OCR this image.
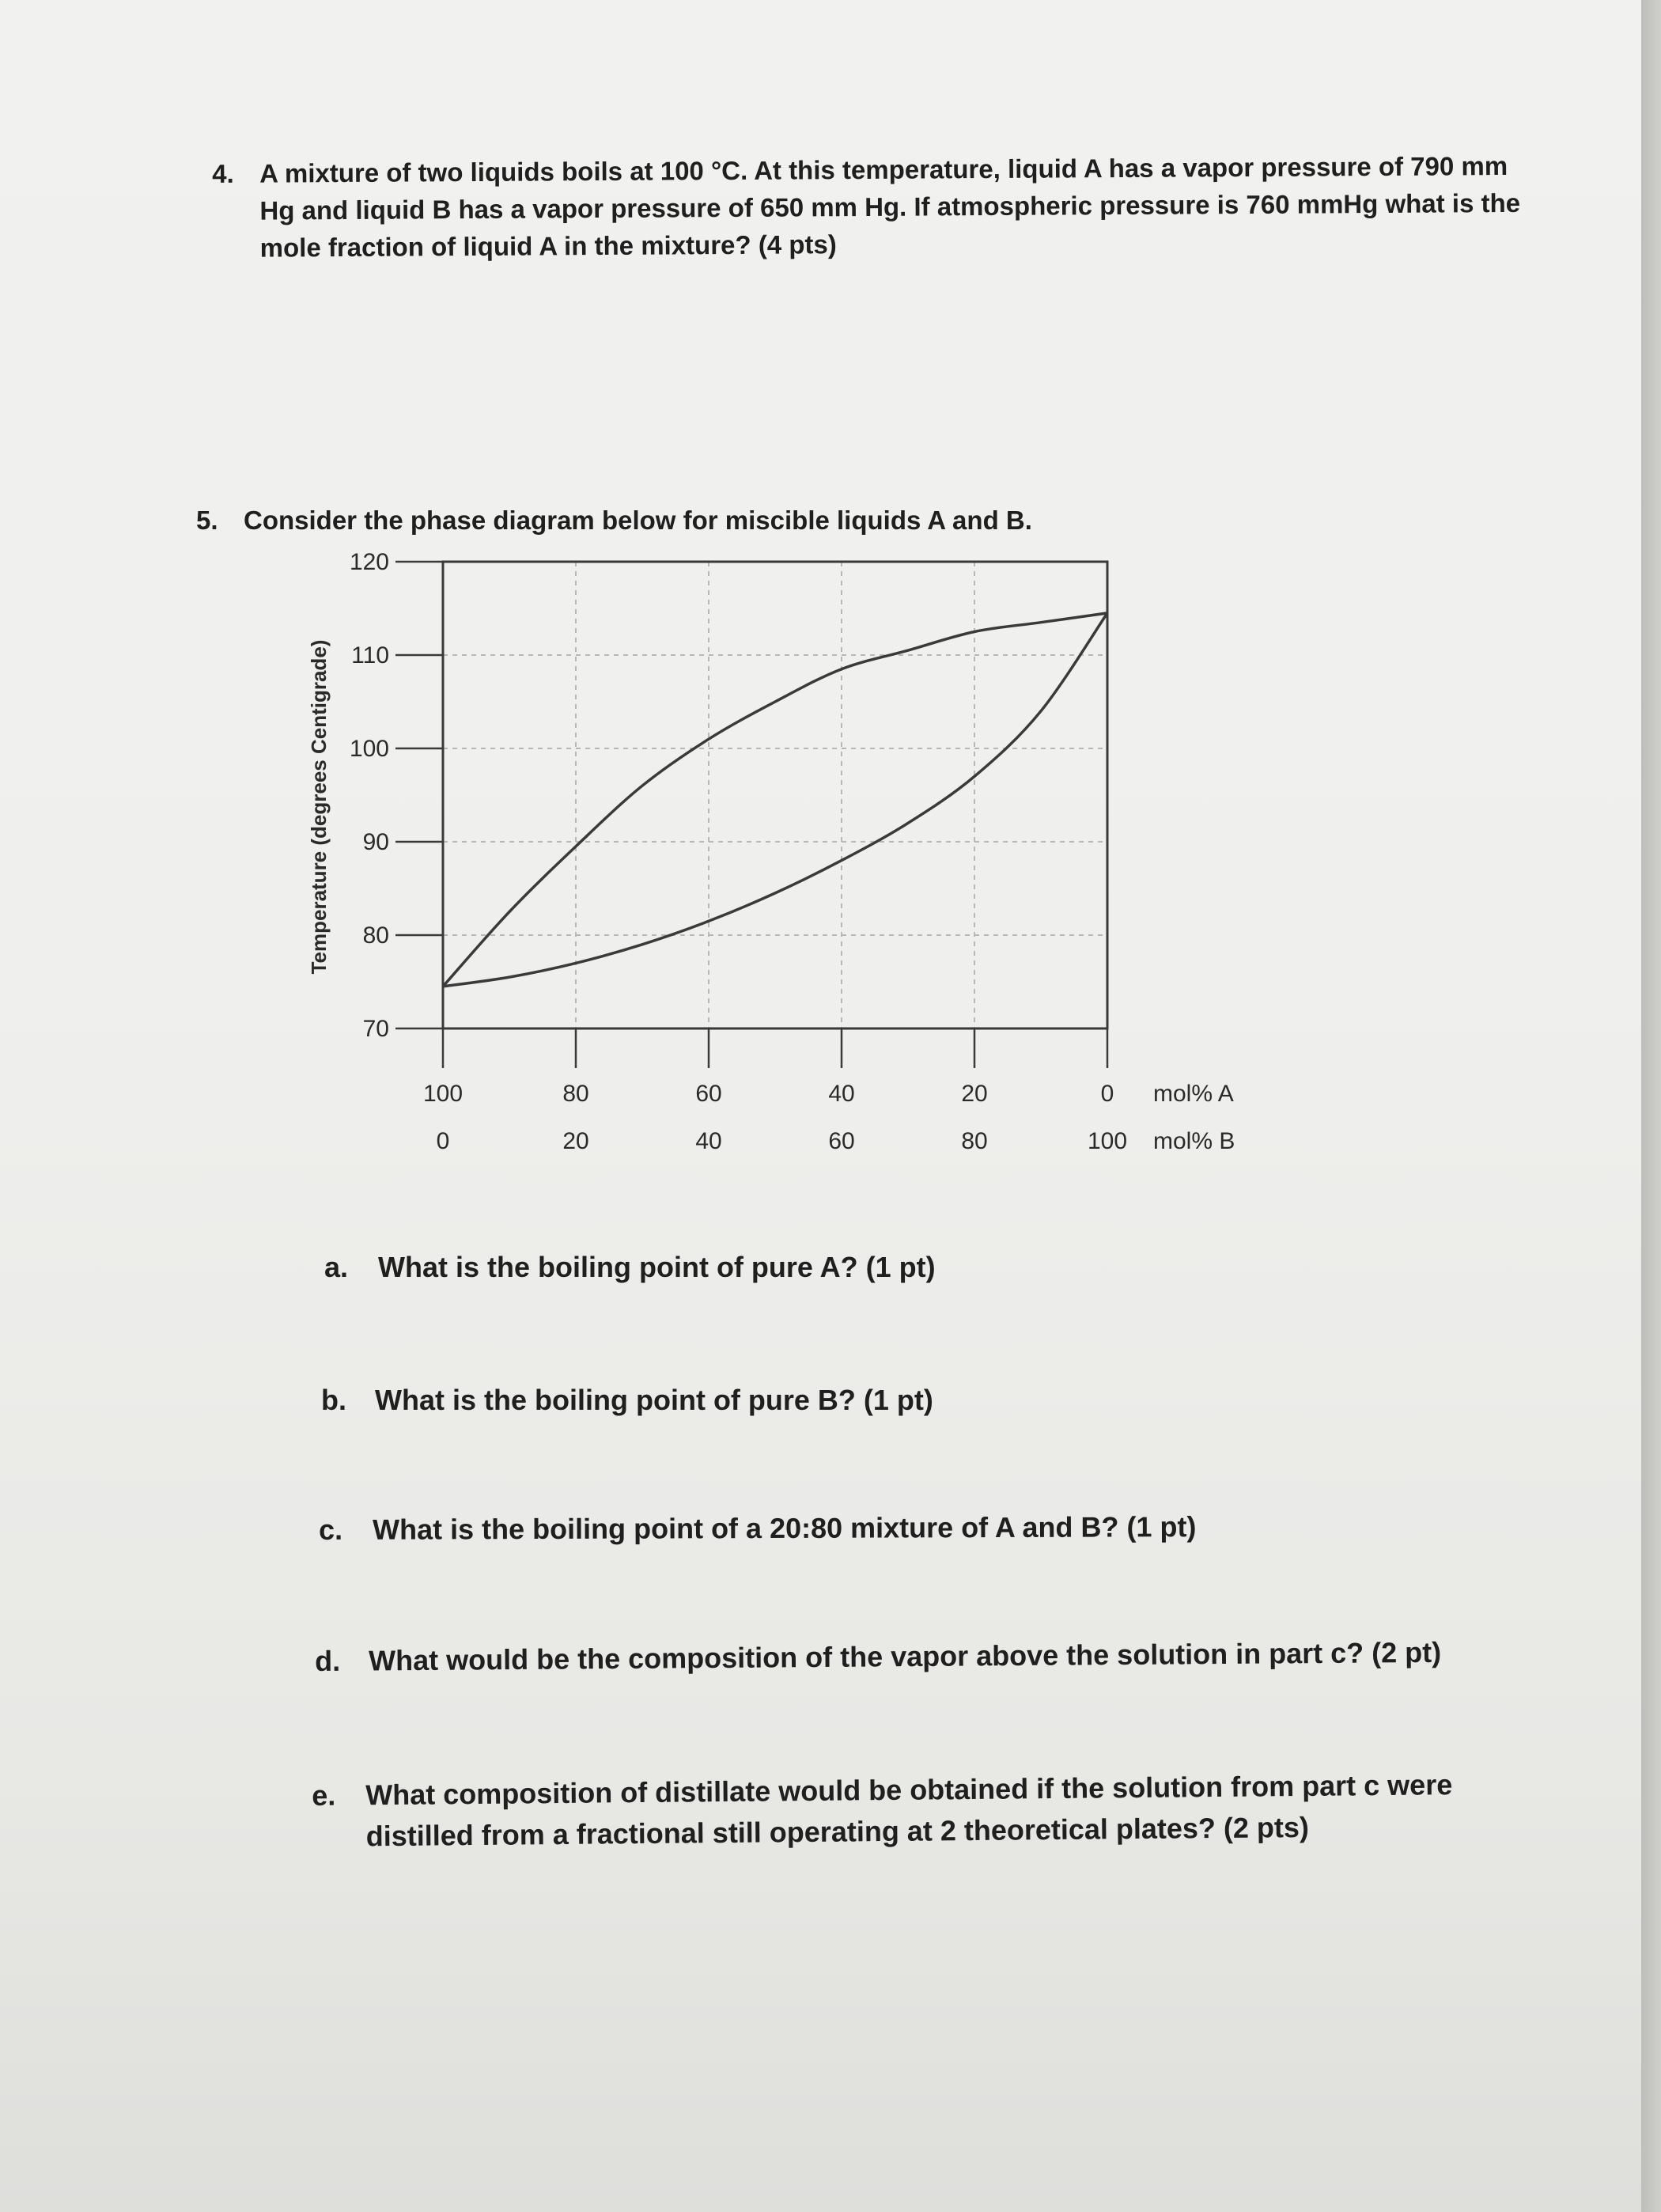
4. A mixture of two liquids boils at 100 °C. At this temperature, liquid A has a vapor pressure of 790 mm Hg and liquid B has a vapor pressure of 650 mm Hg. If atmospheric pressure is 760 mmHg what is the mole fraction of liquid A in the mixture? (4 pts)
5. Consider the phase diagram below for miscible liquids A and B.
70
80
90
100
110
120
100
0
80
20
60
40
40
60
20
80
0
100
Temperature (degrees Centigrade)
mol% A
mol% B
a. What is the boiling point of pure A? (1 pt)
b. What is the boiling point of pure B? (1 pt)
c. What is the boiling point of a 20:80 mixture of A and B? (1 pt)
d. What would be the composition of the vapor above the solution in part c? (2 pt)
e. What composition of distillate would be obtained if the solution from part c were distilled from a fractional still operating at 2 theoretical plates? (2 pts)
